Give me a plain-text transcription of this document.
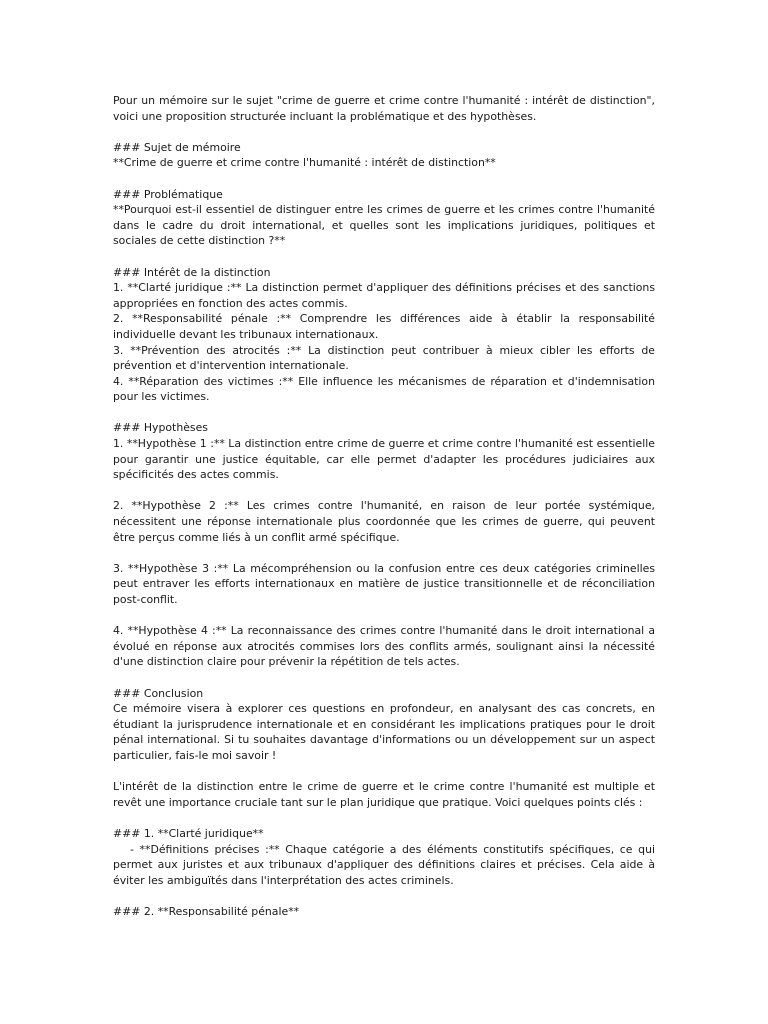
Pour un mémoire sur le sujet "crime de guerre et crime contre l'humanité : intérêt de distinction", voici une proposition structurée incluant la problématique et des hypothèses.

### Sujet de mémoire
**Crime de guerre et crime contre l'humanité : intérêt de distinction**
### Problématique
**Pourquoi est-il essentiel de distinguer entre les crimes de guerre et les crimes contre l'humanité dans le cadre du droit international, et quelles sont les implications juridiques, politiques et sociales de cette distinction ?**
### Intérêt de la distinction
1. **Clarté juridique :** La distinction permet d'appliquer des définitions précises et des sanctions appropriées en fonction des actes commis.
2. **Responsabilité pénale :** Comprendre les différences aide à établir la responsabilité individuelle devant les tribunaux internationaux.
3. **Prévention des atrocités :** La distinction peut contribuer à mieux cibler les efforts de prévention et d'intervention internationale.
4. **Réparation des victimes :** Elle influence les mécanismes de réparation et d'indemnisation pour les victimes.
### Hypothèses
1. **Hypothèse 1 :** La distinction entre crime de guerre et crime contre l'humanité est essentielle pour garantir une justice équitable, car elle permet d'adapter les procédures judiciaires aux spécificités des actes commis.
2. **Hypothèse 2 :** Les crimes contre l'humanité, en raison de leur portée systémique, nécessitent une réponse internationale plus coordonnée que les crimes de guerre, qui peuvent être perçus comme liés à un conflit armé spécifique.
3. **Hypothèse 3 :** La mécompréhension ou la confusion entre ces deux catégories criminelles peut entraver les efforts internationaux en matière de justice transitionnelle et de réconciliation post-conflit.
4. **Hypothèse 4 :** La reconnaissance des crimes contre l'humanité dans le droit international a évolué en réponse aux atrocités commises lors des conflits armés, soulignant ainsi la nécessité d'une distinction claire pour prévenir la répétition de tels actes.
### Conclusion
Ce mémoire visera à explorer ces questions en profondeur, en analysant des cas concrets, en étudiant la jurisprudence internationale et en considérant les implications pratiques pour le droit pénal international. Si tu souhaites davantage d'informations ou un développement sur un aspect particulier, fais-le moi savoir !
L'intérêt de la distinction entre le crime de guerre et le crime contre l'humanité est multiple et revêt une importance cruciale tant sur le plan juridique que pratique. Voici quelques points clés :
### 1. **Clarté juridique**
- **Définitions précises :** Chaque catégorie a des éléments constitutifs spécifiques, ce qui permet aux juristes et aux tribunaux d'appliquer des définitions claires et précises. Cela aide à éviter les ambiguïtés dans l'interprétation des actes criminels.
### 2. **Responsabilité pénale**
